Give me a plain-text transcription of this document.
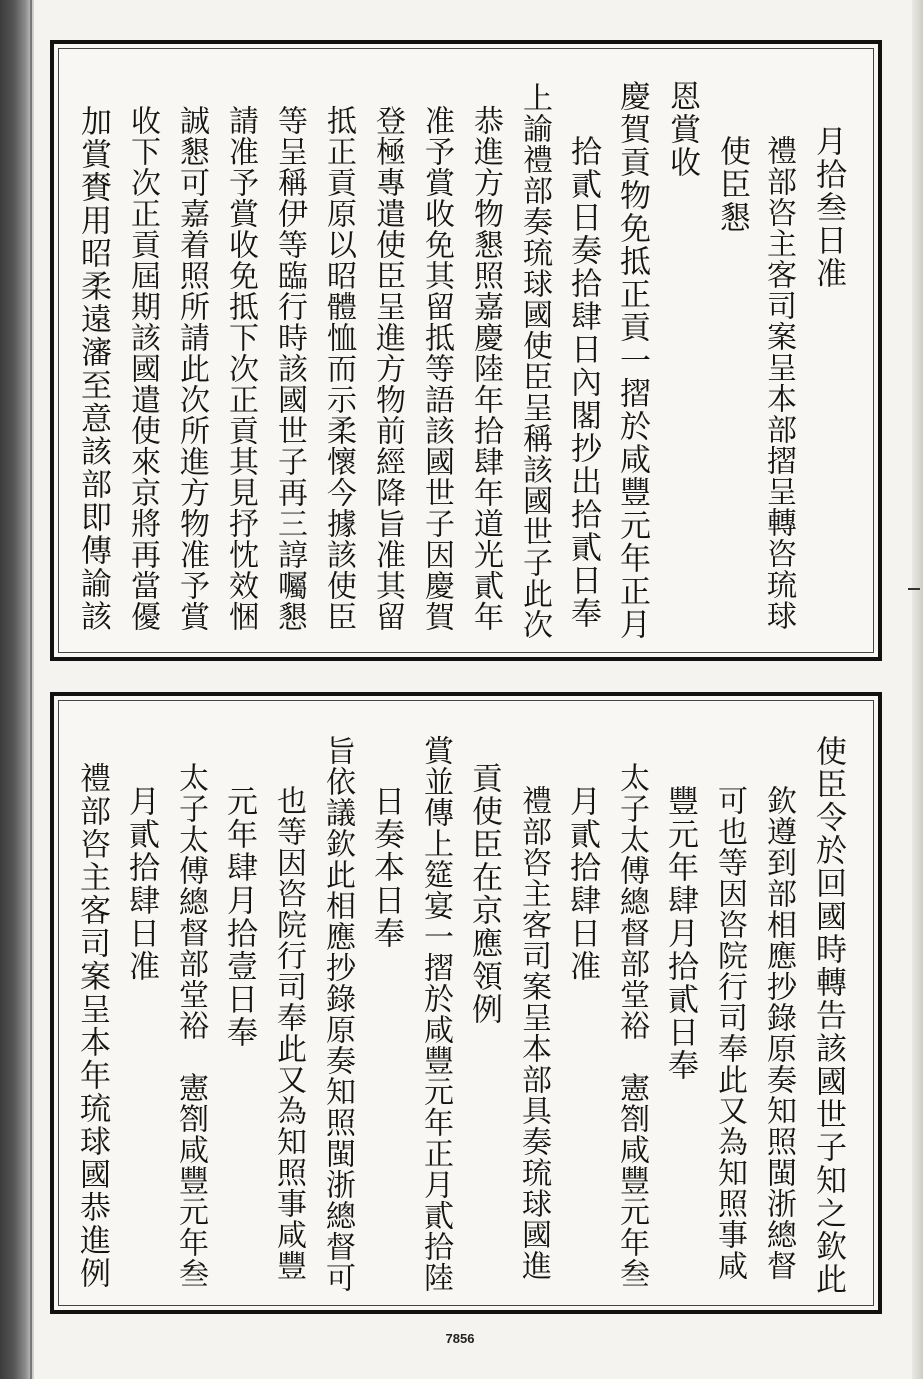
月拾叁日准
禮部咨主客司案呈本部摺呈轉咨琉球
使臣懇
恩賞收
慶賀貢物免抵正貢一摺於咸豐元年正月
拾貳日奏拾肆日內閣抄出拾貳日奉
上諭禮部奏琉球國使臣呈稱該國世子此次
恭進方物懇照嘉慶陸年拾肆年道光貳年
准予賞收免其留抵等語該國世子因慶賀
登極專遣使臣呈進方物前經降旨准其留
抵正貢原以昭體恤而示柔懷今據該使臣
等呈稱伊等臨行時該國世子再三諄囑懇
請准予賞收免抵下次正貢其見抒忱效悃
誠懇可嘉着照所請此次所進方物准予賞
收下次正貢屆期該國遣使來京將再當優
加賞賚用昭柔遠瀋至意該部即傳諭該
使臣令於回國時轉告該國世子知之欽此
欽遵到部相應抄錄原奏知照閩浙總督
可也等因咨院行司奉此又為知照事咸
豐元年肆月拾貳日奉
太子太傅總督部堂裕　憲劄咸豐元年叁
月貳拾肆日准
禮部咨主客司案呈本部具奏琉球國進
貢使臣在京應領例
賞並傳上筵宴一摺於咸豐元年正月貳拾陸
日奏本日奉
旨依議欽此相應抄錄原奏知照閩浙總督可
也等因咨院行司奉此又為知照事咸豐
元年肆月拾壹日奉
太子太傅總督部堂裕　憲劄咸豐元年叁
月貳拾肆日准
禮部咨主客司案呈本年琉球國恭進例
7856
